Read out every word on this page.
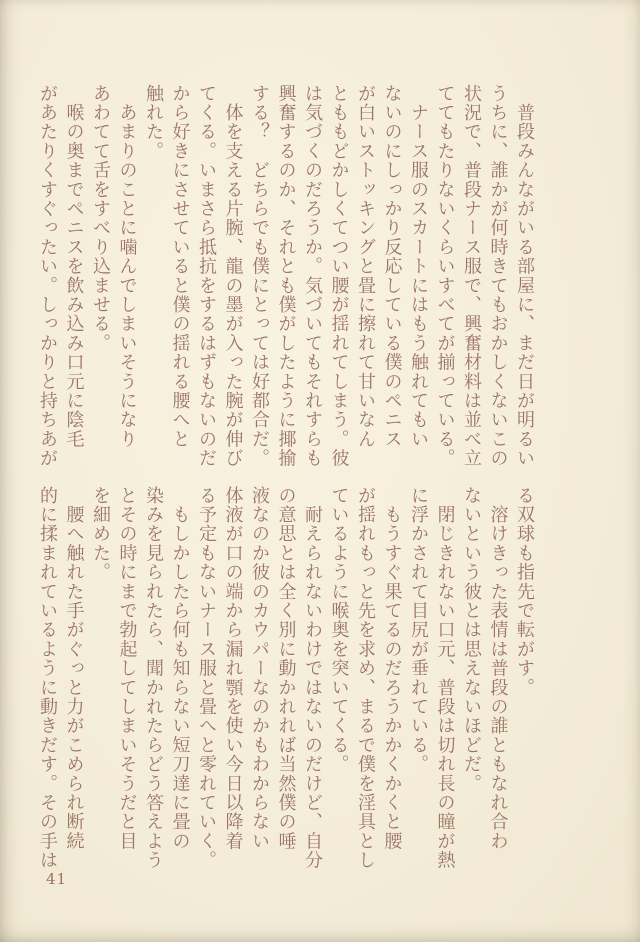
　普段みんながいる部屋に、まだ日が明るい

うちに、誰かが何時きてもおかしくないこの

状況で、普段ナース服で、興奮材料は並べ立

ててもたりないくらいすべてが揃っている。

　ナース服のスカートにはもう触れてもい

ないのにしっかり反応している僕のペニス

が白いストッキングと畳に擦れて甘いなん

とももどかしくてつい腰が揺れてしまう。彼

は気づくのだろうか。気づいてもそれすらも

興奮するのか、それとも僕がしたように揶揄

する？　どちらでも僕にとっては好都合だ。

　体を支える片腕、龍の墨が入った腕が伸び

てくる。いまさら抵抗をするはずもないのだ

から好きにさせていると僕の揺れる腰へと

触れた。

　あまりのことに噛んでしまいそうになり

あわてて舌をすべり込ませる。

　喉の奥までペニスを飲み込み口元に陰毛

があたりくすぐったい。しっかりと持ちあが

る双球も指先で転がす。

　溶けきった表情は普段の誰ともなれ合わ

ないという彼とは思えないほどだ。

　閉じきれない口元、普段は切れ長の瞳が熱

に浮かされて目尻が垂れている。

　もうすぐ果てるのだろうかかくかくと腰

が揺れもっと先を求め、まるで僕を淫具とし

ているように喉奥を突いてくる。

　耐えられないわけではないのだけど、自分

の意思とは全く別に動かれれば当然僕の唾

液なのか彼のカウパーなのかもわからない

体液が口の端から漏れ顎を使い今日以降着

る予定もないナース服と畳へと零れていく。

　もしかしたら何も知らない短刀達に畳の

染みを見られたら、聞かれたらどう答えよう

とその時にまで勃起してしまいそうだと目

を細めた。

　腰へ触れた手がぐっと力がこめられ断続

的に揉まれているように動きだす。その手は

41
